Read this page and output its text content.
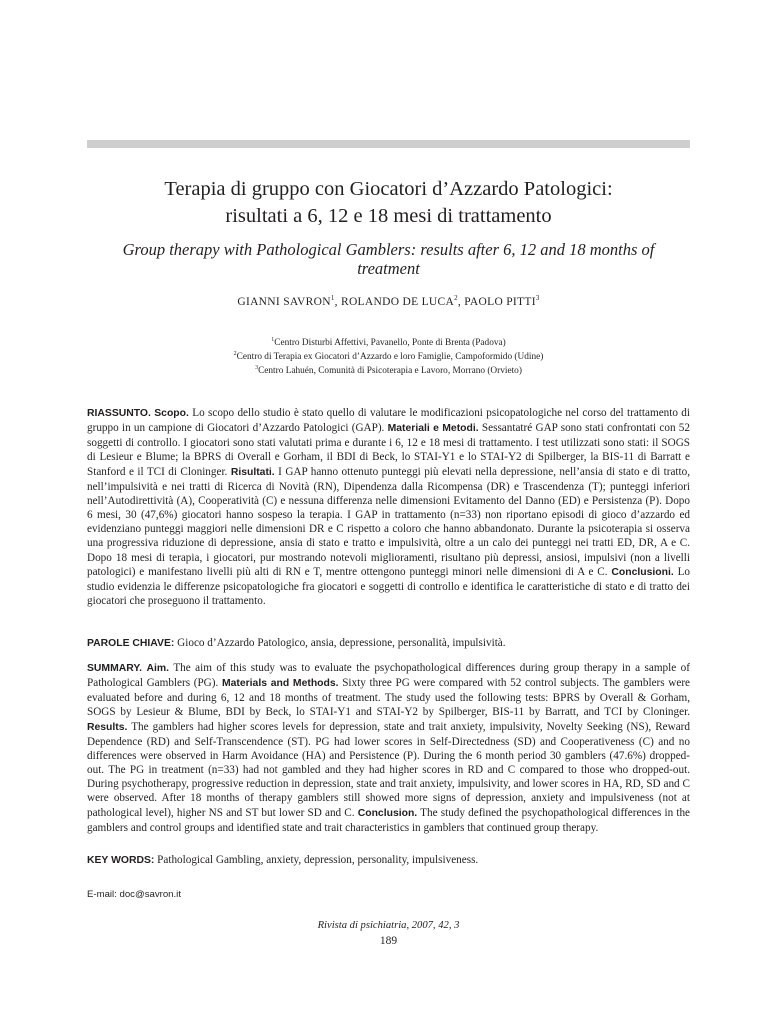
Terapia di gruppo con Giocatori d’Azzardo Patologici:
risultati a 6, 12 e 18 mesi di trattamento
Group therapy with Pathological Gamblers: results after 6, 12 and 18 months of treatment
GIANNI SAVRON$^1$, ROLANDO DE LUCA$^2$, PAOLO PITTI$^3$
$^1$Centro Disturbi Affettivi, Pavanello, Ponte di Brenta (Padova)
$^2$Centro di Terapia ex Giocatori d’Azzardo e loro Famiglie, Campoformido (Udine)
$^3$Centro Lahuén, Comunità di Psicoterapia e Lavoro, Morrano (Orvieto)
RIASSUNTO. Scopo. Lo scopo dello studio è stato quello di valutare le modificazioni psicopatologiche nel corso del trattamento di gruppo in un campione di Giocatori d’Azzardo Patologici (GAP). Materiali e Metodi. Sessantatré GAP sono stati confrontati con 52 soggetti di controllo. I giocatori sono stati valutati prima e durante i 6, 12 e 18 mesi di trattamento. I test utilizzati sono stati: il SOGS di Lesieur e Blume; la BPRS di Overall e Gorham, il BDI di Beck, lo STAI-Y1 e lo STAI-Y2 di Spilberger, la BIS-11 di Barratt e Stanford e il TCI di Cloninger. Risultati. I GAP hanno ottenuto punteggi più elevati nella depressione, nell’ansia di stato e di tratto, nell’impulsività e nei tratti di Ricerca di Novità (RN), Dipendenza dalla Ricompensa (DR) e Trascendenza (T); punteggi inferiori nell’Autodirettività (A), Cooperatività (C) e nessuna differenza nelle dimensioni Evitamento del Danno (ED) e Persistenza (P). Dopo 6 mesi, 30 (47,6%) giocatori hanno sospeso la terapia. I GAP in trattamento (n=33) non riportano episodi di gioco d’azzardo ed evidenziano punteggi maggiori nelle dimensioni DR e C rispetto a coloro che hanno abbandonato. Durante la psicoterapia si osserva una progressiva riduzione di depressione, ansia di stato e tratto e impulsività, oltre a un calo dei punteggi nei tratti ED, DR, A e C. Dopo 18 mesi di terapia, i giocatori, pur mostrando notevoli miglioramenti, risultano più depressi, ansiosi, impulsivi (non a livelli patologici) e manifestano livelli più alti di RN e T, mentre ottengono punteggi minori nelle dimensioni di A e C. Conclusioni. Lo studio evidenzia le differenze psicopatologiche fra giocatori e soggetti di controllo e identifica le caratteristiche di stato e di tratto dei giocatori che proseguono il trattamento.
PAROLE CHIAVE: Gioco d’Azzardo Patologico, ansia, depressione, personalità, impulsività.
SUMMARY. Aim. The aim of this study was to evaluate the psychopathological differences during group therapy in a sample of Pathological Gamblers (PG). Materials and Methods. Sixty three PG were compared with 52 control subjects. The gamblers were evaluated before and during 6, 12 and 18 months of treatment. The study used the following tests: BPRS by Overall & Gorham, SOGS by Lesieur & Blume, BDI by Beck, lo STAI-Y1 and STAI-Y2 by Spilberger, BIS-11 by Barratt, and TCI by Cloninger. Results. The gamblers had higher scores levels for depression, state and trait anxiety, impulsivity, Novelty Seeking (NS), Reward Dependence (RD) and Self-Transcendence (ST). PG had lower scores in Self-Directedness (SD) and Cooperativeness (C) and no differences were observed in Harm Avoidance (HA) and Persistence (P). During the 6 month period 30 gamblers (47.6%) dropped-out. The PG in treatment (n=33) had not gambled and they had higher scores in RD and C compared to those who dropped-out. During psychotherapy, progressive reduction in depression, state and trait anxiety, impulsivity, and lower scores in HA, RD, SD and C were observed. After 18 months of therapy gamblers still showed more signs of depression, anxiety and impulsiveness (not at pathological level), higher NS and ST but lower SD and C. Conclusion. The study defined the psychopathological differences in the gamblers and control groups and identified state and trait characteristics in gamblers that continued group therapy.
KEY WORDS: Pathological Gambling, anxiety, depression, personality, impulsiveness.
E-mail: doc@savron.it
Rivista di psichiatria, 2007, 42, 3
189
